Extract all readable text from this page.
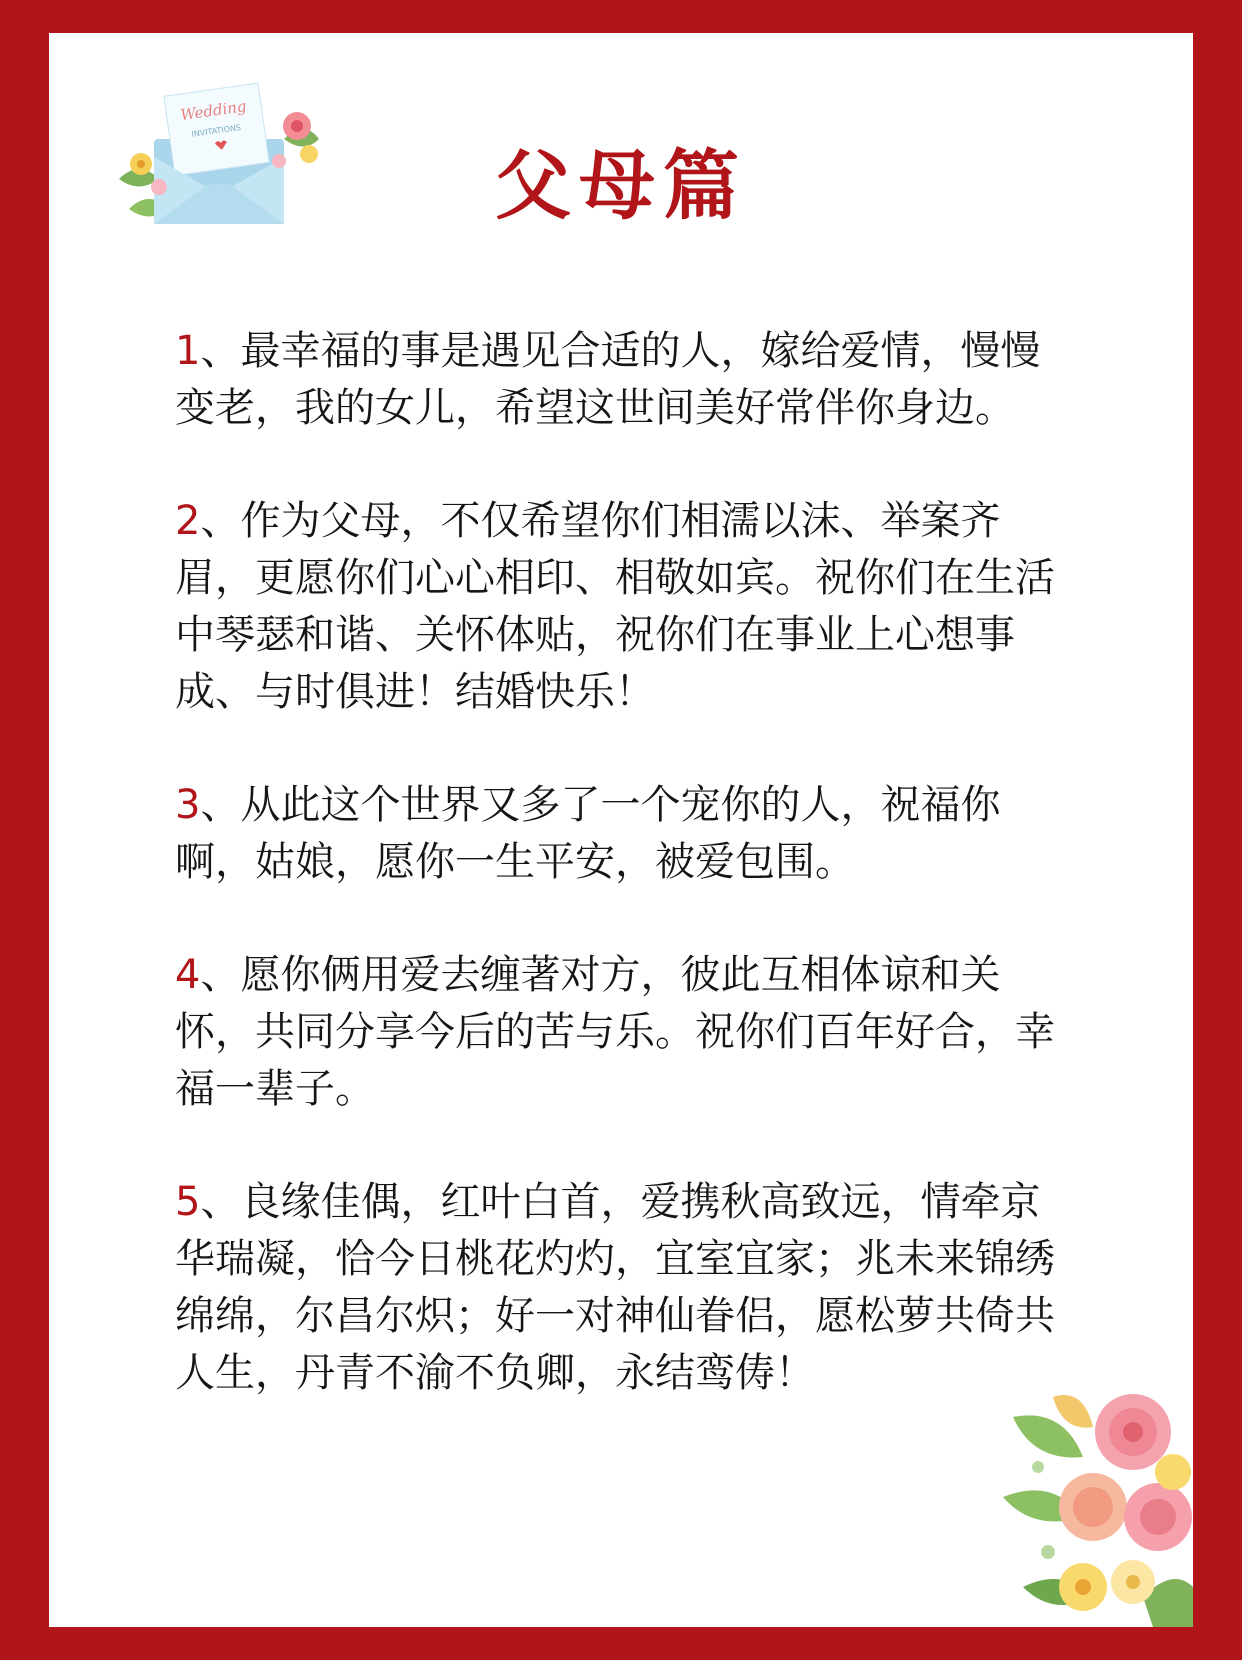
Wedding
INVITATIONS
父母篇

1、最幸福的事是遇见合适的人，嫁给爱情，慢慢变老，我的女儿，希望这世间美好常伴你身边。

2、作为父母，不仅希望你们相濡以沫、举案齐眉，更愿你们心心相印、相敬如宾。祝你们在生活中琴瑟和谐、关怀体贴，祝你们在事业上心想事成、与时俱进！结婚快乐！

3、从此这个世界又多了一个宠你的人，祝福你啊，姑娘，愿你一生平安，被爱包围。

4、愿你俩用爱去缠著对方，彼此互相体谅和关怀，共同分享今后的苦与乐。祝你们百年好合，幸福一辈子。

5、良缘佳偶，红叶白首，爱携秋高致远，情牵京华瑞凝，恰今日桃花灼灼，宜室宜家；兆未来锦绣绵绵，尔昌尔炽；好一对神仙眷侣，愿松萝共倚共人生，丹青不渝不负卿，永结鸾俦！
